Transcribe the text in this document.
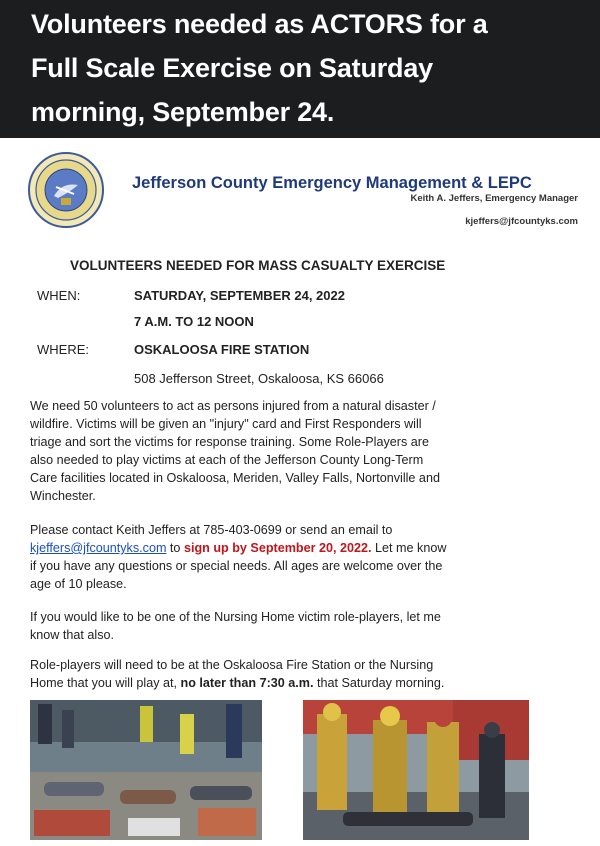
Volunteers needed as ACTORS for a
Full Scale Exercise on Saturday
morning, September 24.
Jefferson County Emergency Management & LEPC
Keith A. Jeffers, Emergency Manager
kjeffers@jfcountyks.com
VOLUNTEERS NEEDED FOR MASS CASUALTY EXERCISE
WHEN:	SATURDAY, SEPTEMBER 24, 2022
7 A.M. TO 12 NOON
WHERE:	OSKALOOSA FIRE STATION
508 Jefferson Street, Oskaloosa, KS 66066
We need 50 volunteers to act as persons injured from a natural disaster /
wildfire. Victims will be given an "injury" card and First Responders will
triage and sort the victims for response training. Some Role-Players are
also needed to play victims at each of the Jefferson County Long-Term
Care facilities located in Oskaloosa, Meriden, Valley Falls, Nortonville and
Winchester.
Please contact Keith Jeffers at 785-403-0699 or send an email to
kjeffers@jfcountyks.com to sign up by September 20, 2022. Let me know
if you have any questions or special needs. All ages are welcome over the
age of 10 please.
If you would like to be one of the Nursing Home victim role-players, let me
know that also.
Role-players will need to be at the Oskaloosa Fire Station or the Nursing
Home that you will play at, no later than 7:30 a.m. that Saturday morning.
